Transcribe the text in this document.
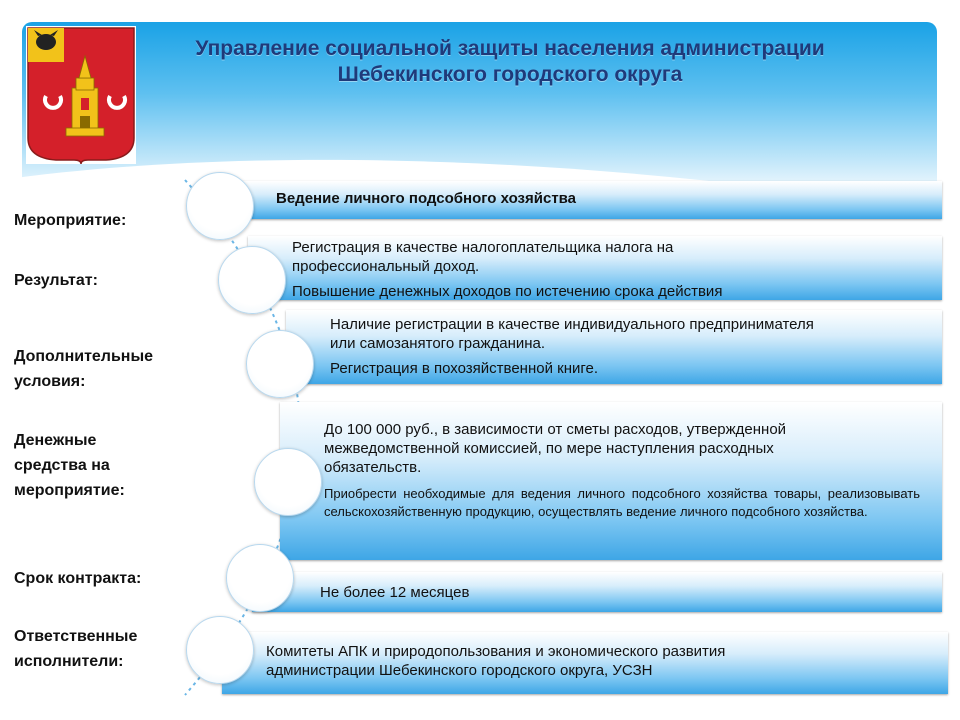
Управление социальной защиты населения администрации
Шебекинского городского округа
Мероприятие:
Результат:
Дополнительные
условия:
Денежные
средства на
мероприятие:
Срок контракта:
Ответственные
исполнители:
Ведение личного подсобного хозяйства
Регистрация в качестве налогоплательщика налога на
профессиональный доход.
Повышение денежных доходов по истечению срока действия
Наличие регистрации в качестве индивидуального предпринимателя
или самозанятого гражданина.
Регистрация в похозяйственной книге.
До 100 000 руб., в зависимости от сметы расходов, утвержденной
межведомственной комиссией, по мере наступления расходных
обязательств.
Приобрести необходимые для ведения личного подсобного хозяйства товары, реализовывать сельскохозяйственную продукцию, осуществлять ведение личного подсобного хозяйства.
Не более 12 месяцев
Комитеты АПК и природопользования и экономического развития
администрации Шебекинского городского округа, УСЗН
